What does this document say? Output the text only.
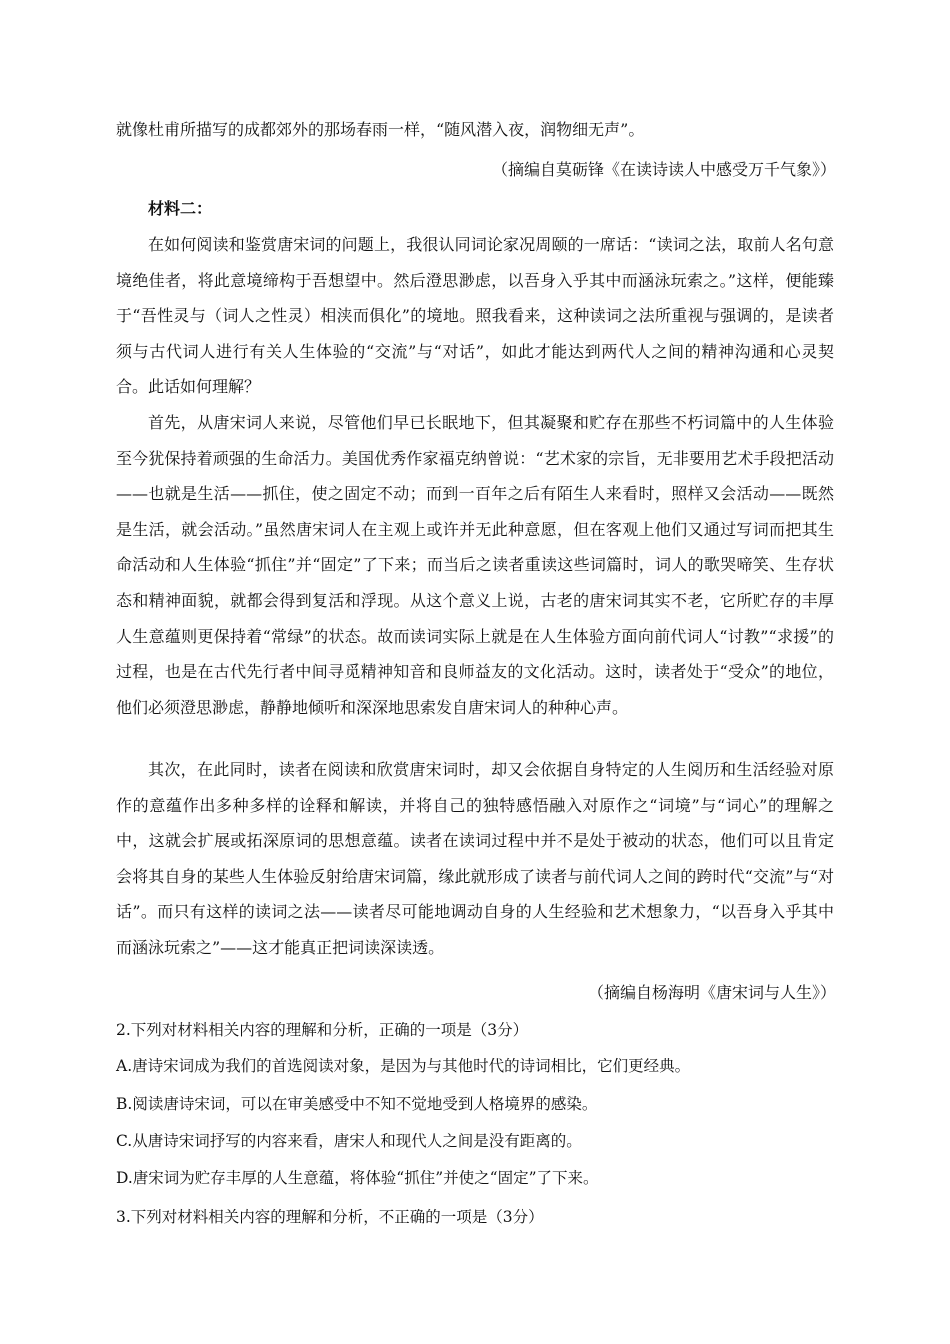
就像杜甫所描写的成都郊外的那场春雨一样，“随风潜入夜，润物细无声”。
（摘编自莫砺锋《在读诗读人中感受万千气象》）
材料二：

在如何阅读和鉴赏唐宋词的问题上，我很认同词论家况周颐的一席话：“读词之法，取前人名句意境绝佳者，将此意境缔构于吾想望中。然后澄思渺虑，以吾身入乎其中而涵泳玩索之。”这样，便能臻于“吾性灵与（词人之性灵）相浃而俱化”的境地。照我看来，这种读词之法所重视与强调的，是读者须与古代词人进行有关人生体验的“交流”与“对话”，如此才能达到两代人之间的精神沟通和心灵契合。此话如何理解？

首先，从唐宋词人来说，尽管他们早已长眠地下，但其凝聚和贮存在那些不朽词篇中的人生体验至今犹保持着顽强的生命活力。美国优秀作家福克纳曾说：“艺术家的宗旨，无非要用艺术手段把活动——也就是生活——抓住，使之固定不动；而到一百年之后有陌生人来看时，照样又会活动——既然是生活，就会活动。”虽然唐宋词人在主观上或许并无此种意愿，但在客观上他们又通过写词而把其生命活动和人生体验“抓住”并“固定”了下来；而当后之读者重读这些词篇时，词人的歌哭啼笑、生存状态和精神面貌，就都会得到复活和浮现。从这个意义上说，古老的唐宋词其实不老，它所贮存的丰厚人生意蕴则更保持着“常绿”的状态。故而读词实际上就是在人生体验方面向前代词人“讨教”“求援”的过程，也是在古代先行者中间寻觅精神知音和良师益友的文化活动。这时，读者处于“受众”的地位，他们必须澄思渺虑，静静地倾听和深深地思索发自唐宋词人的种种心声。

其次，在此同时，读者在阅读和欣赏唐宋词时，却又会依据自身特定的人生阅历和生活经验对原作的意蕴作出多种多样的诠释和解读，并将自己的独特感悟融入对原作之“词境”与“词心”的理解之中，这就会扩展或拓深原词的思想意蕴。读者在读词过程中并不是处于被动的状态，他们可以且肯定会将其自身的某些人生体验反射给唐宋词篇，缘此就形成了读者与前代词人之间的跨时代“交流”与“对话”。而只有这样的读词之法——读者尽可能地调动自身的人生经验和艺术想象力，“以吾身入乎其中而涵泳玩索之”——这才能真正把词读深读透。

（摘编自杨海明《唐宋词与人生》）
2.下列对材料相关内容的理解和分析，正确的一项是（3分）
A.唐诗宋词成为我们的首选阅读对象，是因为与其他时代的诗词相比，它们更经典。
B.阅读唐诗宋词，可以在审美感受中不知不觉地受到人格境界的感染。
C.从唐诗宋词抒写的内容来看，唐宋人和现代人之间是没有距离的。
D.唐宋词为贮存丰厚的人生意蕴，将体验“抓住”并使之“固定”了下来。
3.下列对材料相关内容的理解和分析，不正确的一项是（3分）
